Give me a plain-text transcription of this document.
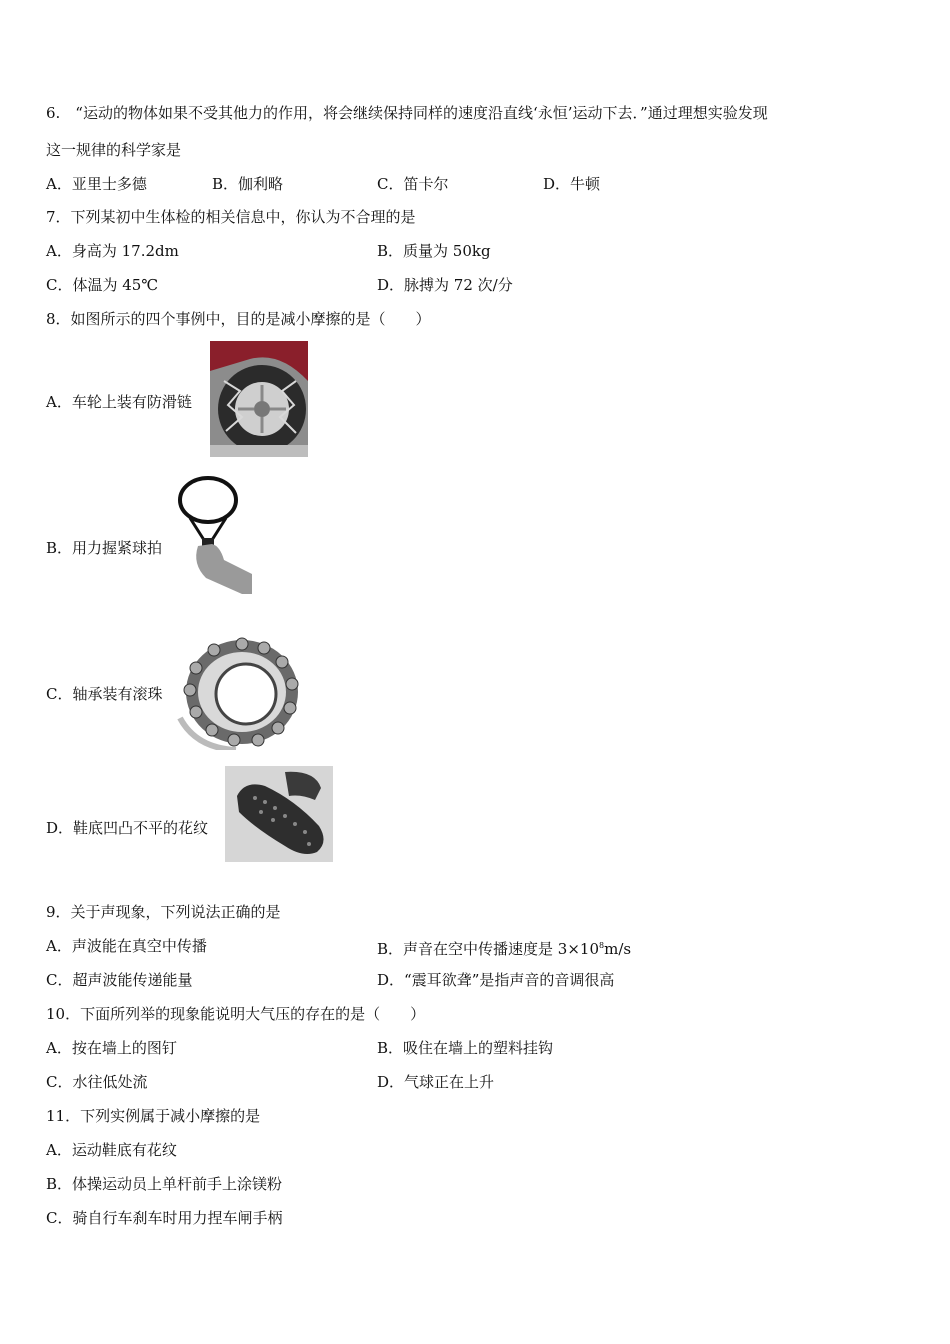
6.　“运动的物体如果不受其他力的作用，将会继续保持同样的速度沿直线‘永恒’运动下去．”通过理想实验发现
这一规律的科学家是
A．亚里士多德	B．伽利略	C．笛卡尔	D．牛顿
7．下列某初中生体检的相关信息中，你认为不合理的是
A．身高为 17.2dm	B．质量为 50kg
C．体温为 45℃	D．脉搏为 72 次/分
8．如图所示的四个事例中，目的是减小摩擦的是（　　）
A．车轮上装有防滑链
B．用力握紧球拍
C．轴承装有滚珠
D．鞋底凹凸不平的花纹
9．关于声现象，下列说法正确的是
A．声波能在真空中传播	B．声音在空中传播速度是 $3\times 10^8m/s$
C．超声波能传递能量	D．“震耳欲聋”是指声音的音调很高
10．下面所列举的现象能说明大气压的存在的是（　　）
A．按在墙上的图钉	B．吸住在墙上的塑料挂钩
C．水往低处流	D．气球正在上升
11．下列实例属于减小摩擦的是
A．运动鞋底有花纹
B．体操运动员上单杆前手上涂镁粉
C．骑自行车刹车时用力捏车闸手柄
